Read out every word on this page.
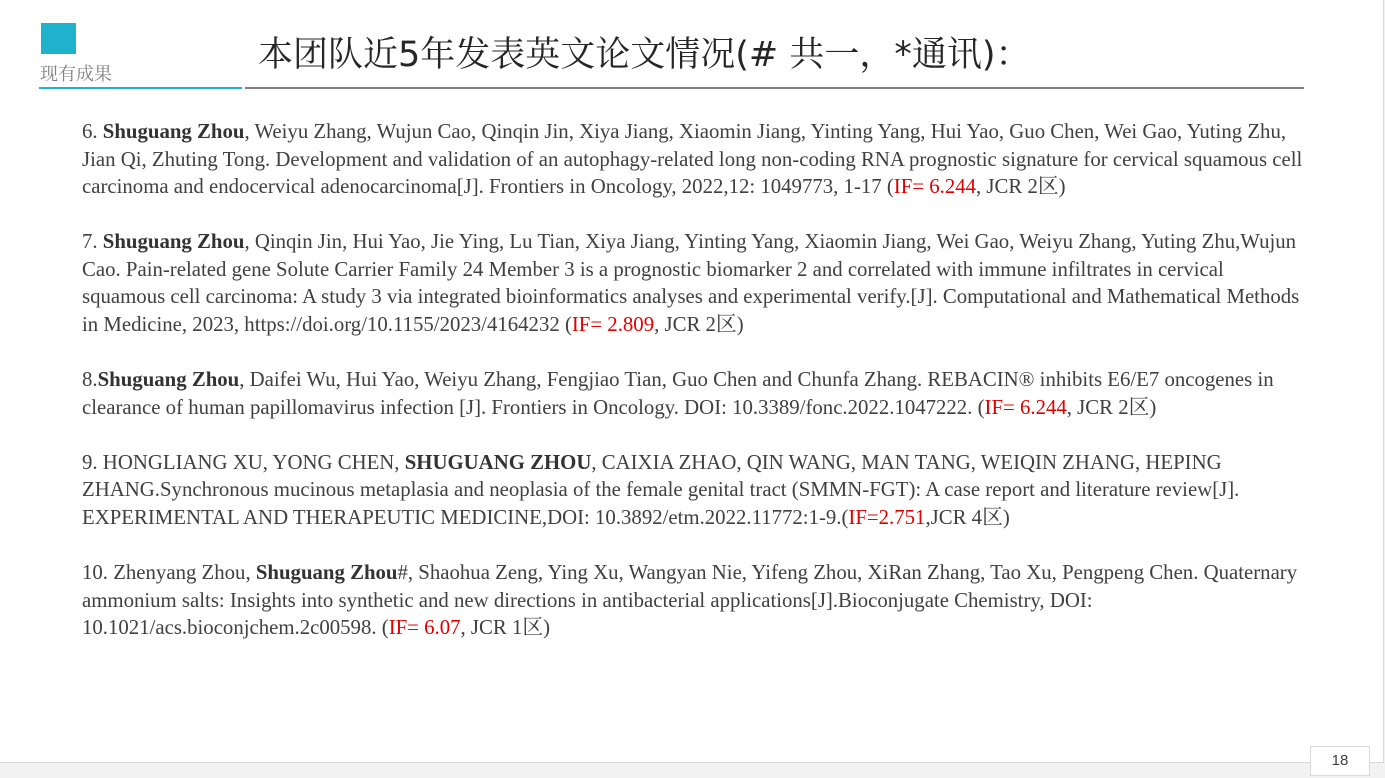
现有成果	本团队近5年发表英文论文情况(# 共一，*通讯)：

6. Shuguang Zhou, Weiyu Zhang, Wujun Cao, Qinqin Jin, Xiya Jiang, Xiaomin Jiang, Yinting Yang, Hui Yao, Guo Chen, Wei Gao, Yuting Zhu, Jian Qi, Zhuting Tong. Development and validation of an autophagy-related long non-coding RNA prognostic signature for cervical squamous cell carcinoma and endocervical adenocarcinoma[J]. Frontiers in Oncology, 2022,12: 1049773, 1-17 (IF= 6.244, JCR 2区)

7. Shuguang Zhou, Qinqin Jin, Hui Yao, Jie Ying, Lu Tian, Xiya Jiang, Yinting Yang, Xiaomin Jiang, Wei Gao, Weiyu Zhang, Yuting Zhu,Wujun Cao. Pain-related gene Solute Carrier Family 24 Member 3 is a prognostic biomarker 2 and correlated with immune infiltrates in cervical squamous cell carcinoma: A study 3 via integrated bioinformatics analyses and experimental verify.[J]. Computational and Mathematical Methods in Medicine, 2023, https://doi.org/10.1155/2023/4164232 (IF= 2.809, JCR 2区)

8.Shuguang Zhou, Daifei Wu, Hui Yao, Weiyu Zhang, Fengjiao Tian, Guo Chen and Chunfa Zhang. REBACIN® inhibits E6/E7 oncogenes in clearance of human papillomavirus infection [J]. Frontiers in Oncology. DOI: 10.3389/fonc.2022.1047222. (IF= 6.244, JCR 2区)

9. HONGLIANG XU, YONG CHEN, SHUGUANG ZHOU, CAIXIA ZHAO, QIN WANG, MAN TANG, WEIQIN ZHANG, HEPING ZHANG.Synchronous mucinous metaplasia and neoplasia of the female genital tract (SMMN-FGT): A case report and literature review[J]. EXPERIMENTAL AND THERAPEUTIC MEDICINE,DOI: 10.3892/etm.2022.11772:1-9.(IF=2.751,JCR 4区)

10. Zhenyang Zhou, Shuguang Zhou#, Shaohua Zeng, Ying Xu, Wangyan Nie, Yifeng Zhou, XiRan Zhang, Tao Xu, Pengpeng Chen. Quaternary ammonium salts: Insights into synthetic and new directions in antibacterial applications[J].Bioconjugate Chemistry, DOI: 10.1021/acs.bioconjchem.2c00598. (IF= 6.07, JCR 1区)

18
